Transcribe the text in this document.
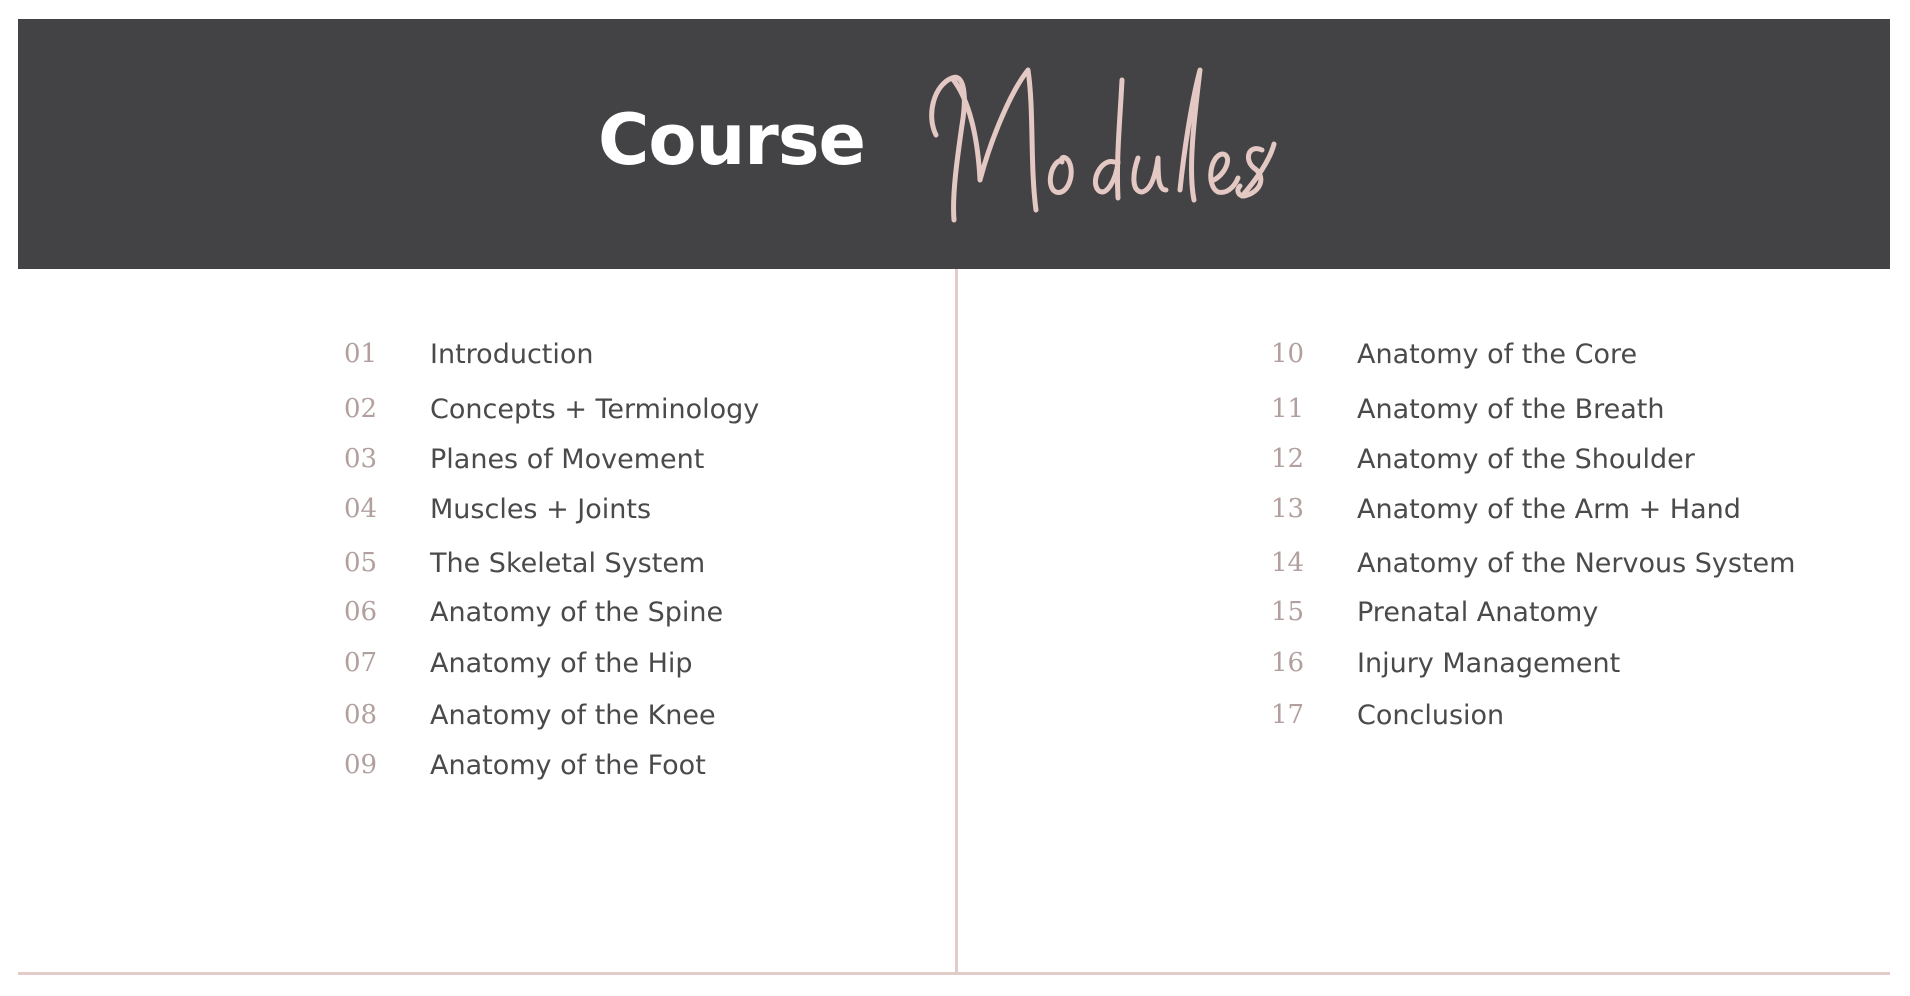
Course
01 Introduction
02 Concepts + Terminology
03 Planes of Movement
04 Muscles + Joints
05 The Skeletal System
06 Anatomy of the Spine
07 Anatomy of the Hip
08 Anatomy of the Knee
09 Anatomy of the Foot
10 Anatomy of the Core
11 Anatomy of the Breath
12 Anatomy of the Shoulder
13 Anatomy of the Arm + Hand
14 Anatomy of the Nervous System
15 Prenatal Anatomy
16 Injury Management
17 Conclusion
